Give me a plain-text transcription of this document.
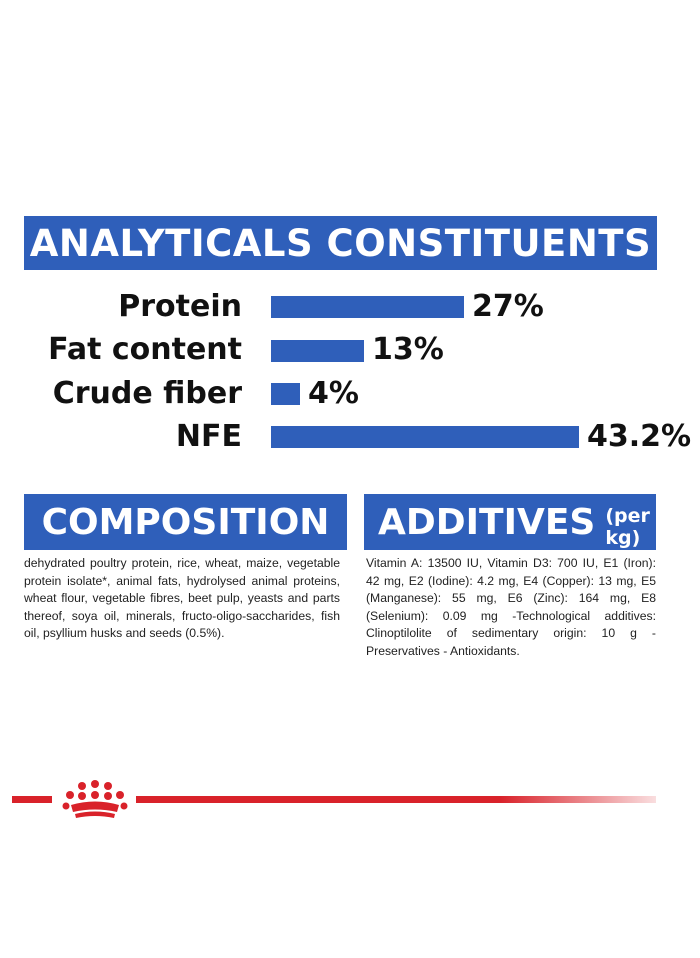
ANALYTICALS CONSTITUENTS
Protein	27%
Fat content	13%
Crude fiber 4%
NFE	43.2%
COMPOSITION ADDITIVES (per kg)
dehydrated poultry protein, rice, wheat, maize, vegetable protein isolate*, animal fats, hydrolysed animal proteins, wheat flour, vegetable fibres, beet pulp, yeasts and parts thereof, soya oil, minerals, fructo-oligo-saccharides, fish oil, psyllium husks and seeds (0.5%).
Vitamin A: 13500 IU, Vitamin D3: 700 IU, E1 (Iron): 42 mg, E2 (Iodine): 4.2 mg, E4 (Copper): 13 mg, E5 (Manganese): 55 mg, E6 (Zinc): 164 mg, E8 (Selenium): 0.09 mg -Technological additives: Clinoptilolite of sedimentary origin: 10 g - Preservatives - Antioxidants.
